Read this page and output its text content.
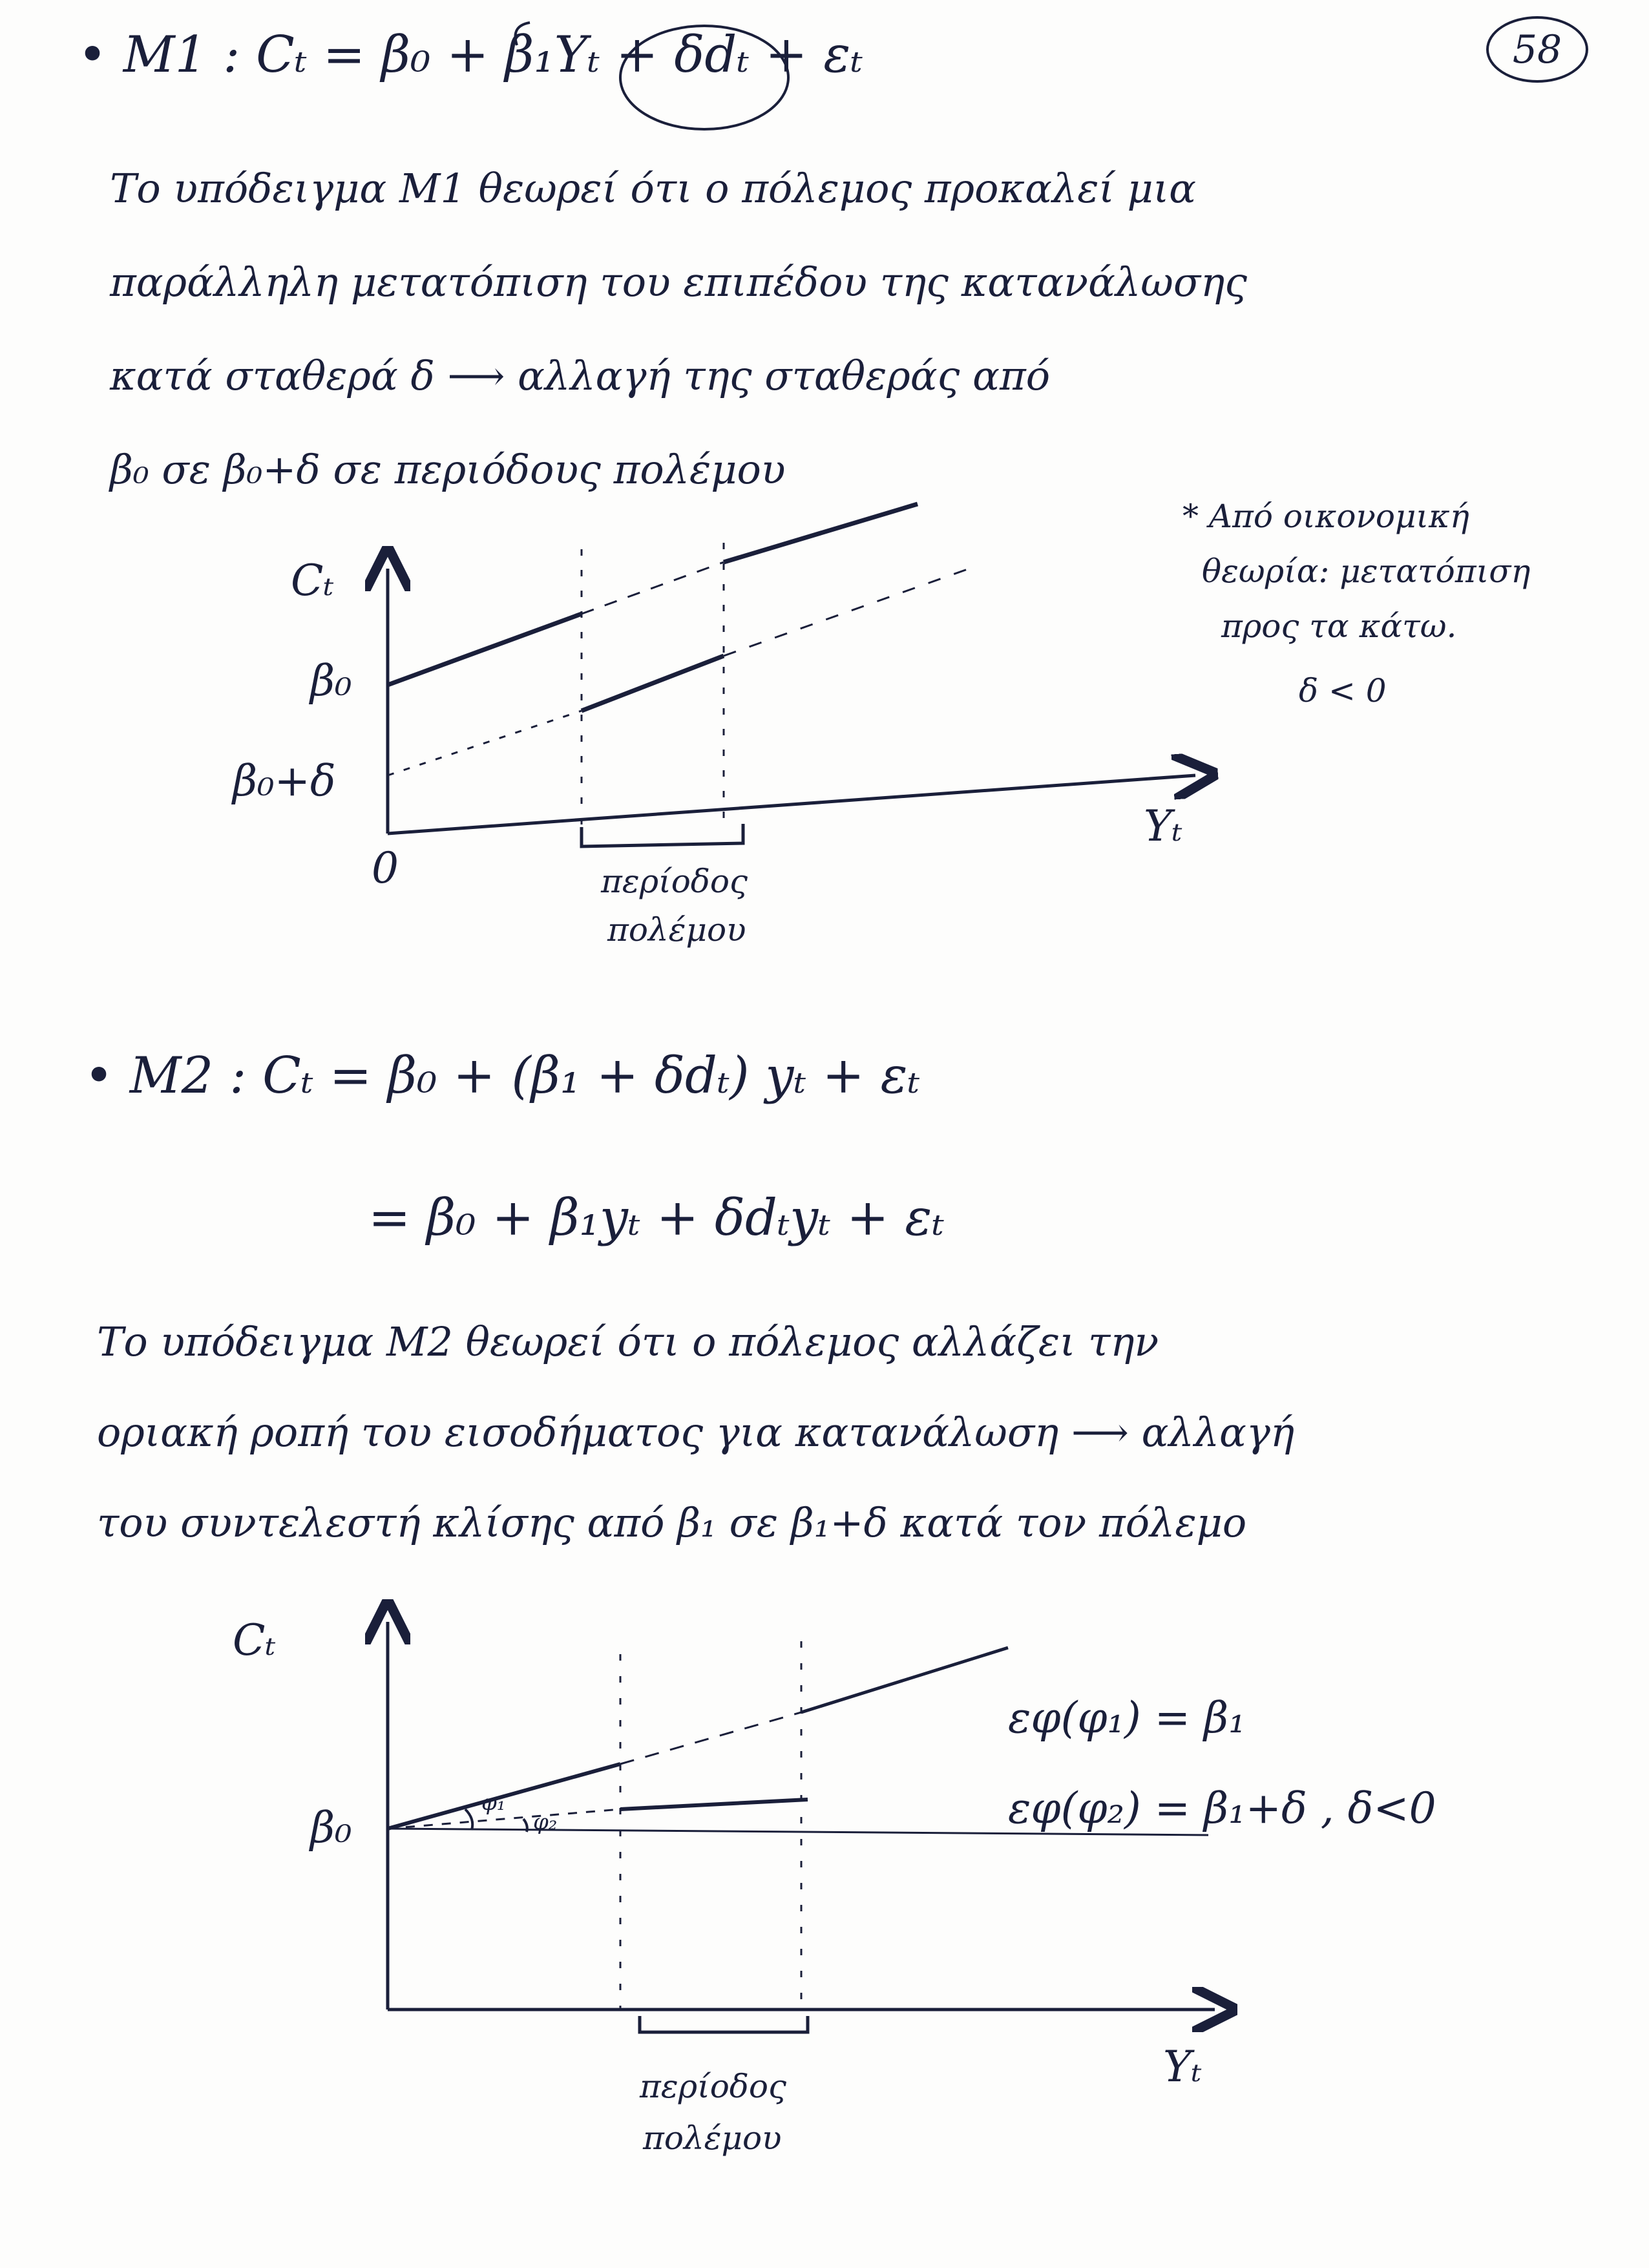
58
• M1 : Cₜ = β₀ + β₁Yₜ + δdₜ + εₜ
Το υπόδειγμα M1 θεωρεί ότι ο πόλεμος προκαλεί μια
παράλληλη μετατόπιση του επιπέδου της κατανάλωσης
κατά σταθερά δ ⟶ αλλαγή της σταθεράς από
β₀ σε β₀+δ σε περιόδους πολέμου
* Από οικονομική
θεωρία: μετατόπιση
προς τα κάτω.
δ < 0
Cₜ
β₀
β₀+δ
0
Yₜ
περίοδος
πολέμου
• M2 : Cₜ = β₀ + (β₁ + δdₜ) yₜ + εₜ
= β₀ + β₁yₜ + δdₜyₜ + εₜ
Το υπόδειγμα M2 θεωρεί ότι ο πόλεμος αλλάζει την
οριακή ροπή του εισοδήματος για κατανάλωση ⟶ αλλαγή
του συντελεστή κλίσης από β₁ σε β₁+δ κατά τον πόλεμο
Cₜ
β₀	φ₁
φ₂
εφ(φ₁) = β₁
εφ(φ₂) = β₁+δ , δ<0
Yₜ
περίοδος
πολέμου
